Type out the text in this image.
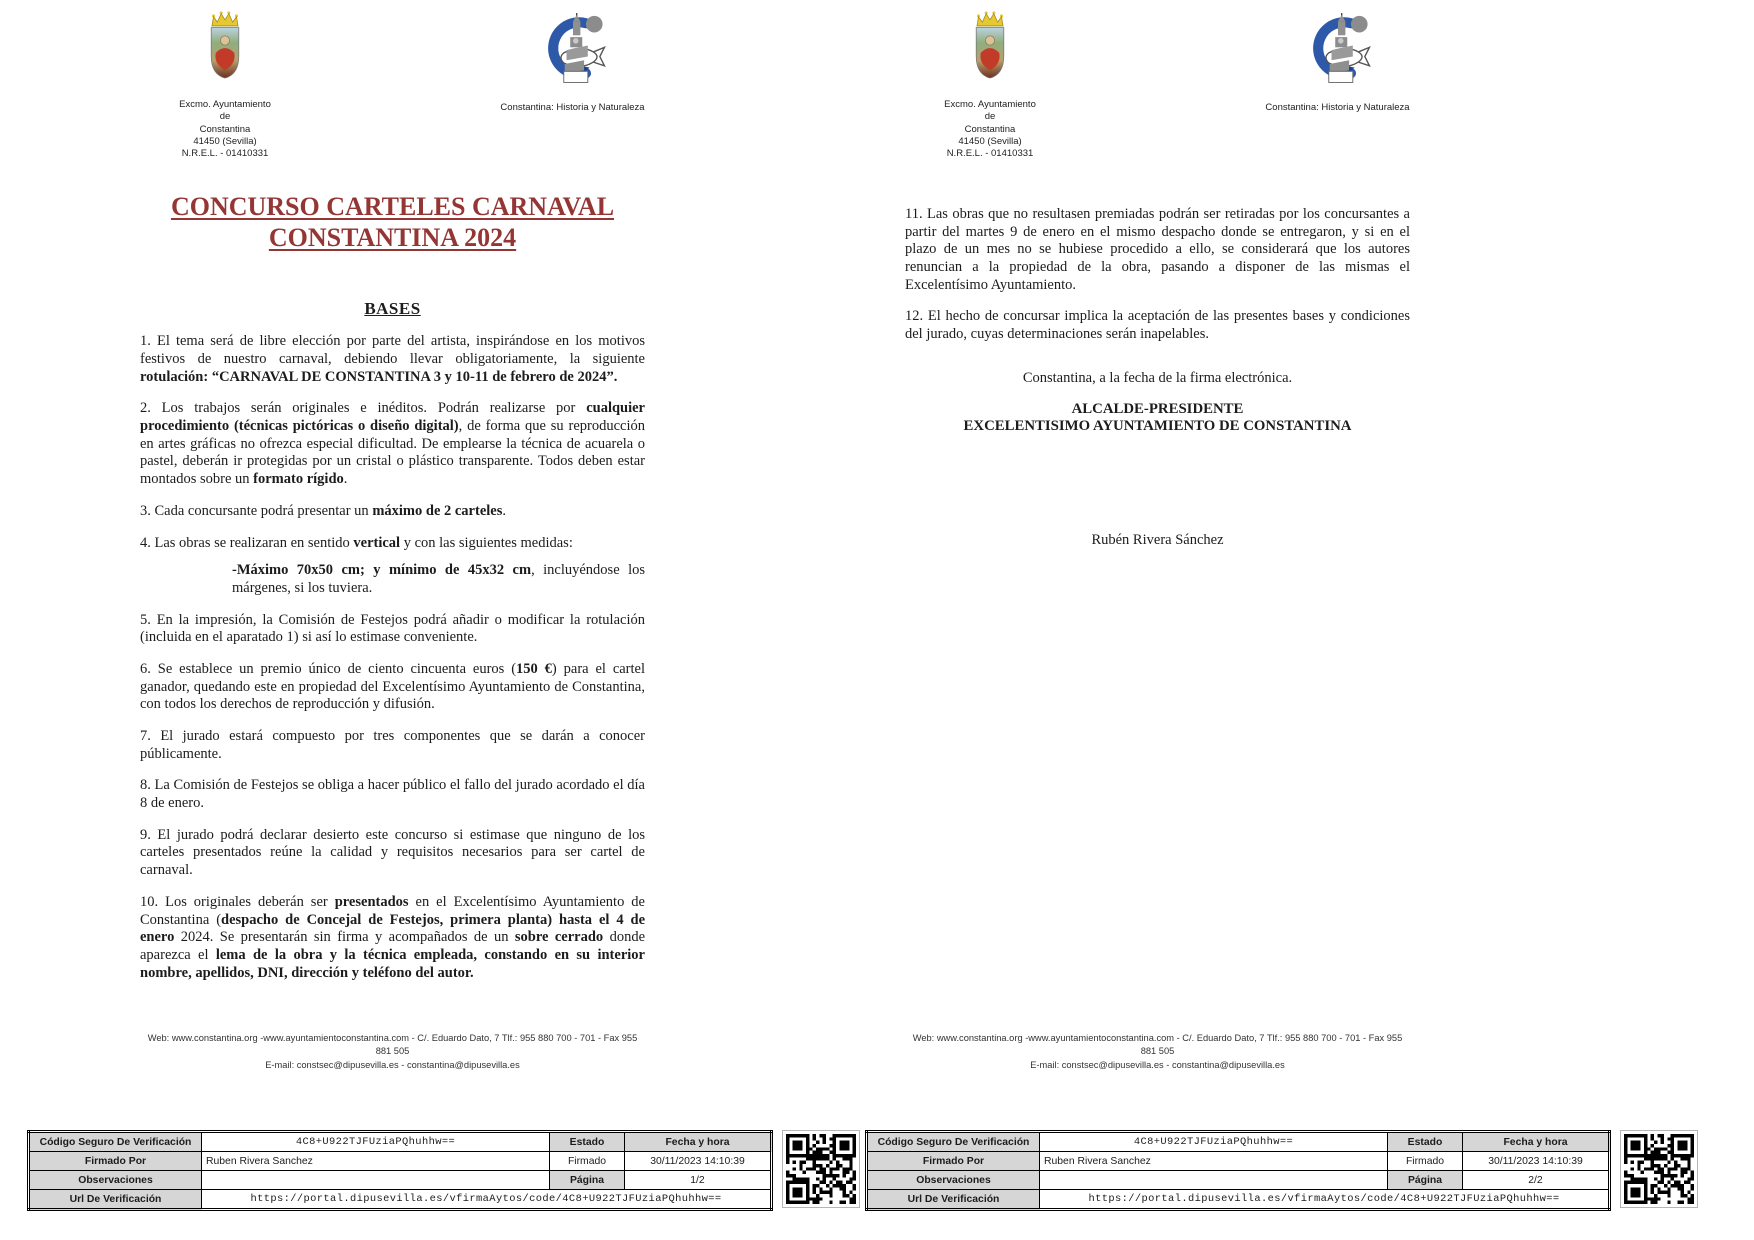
Excmo. Ayuntamiento
de
Constantina
41450 (Sevilla)
N.R.E.L. - 01410331
Constantina: Historia y Naturaleza
CONCURSO CARTELES CARNAVAL
CONSTANTINA 2024
BASES

1. El tema será de libre elección por parte del artista, inspirándose en los motivos festivos de nuestro carnaval, debiendo llevar obligatoriamente, la siguiente rotulación: “CARNAVAL DE CONSTANTINA 3 y 10-11 de febrero de 2024”.

2. Los trabajos serán originales e inéditos. Podrán realizarse por cualquier procedimiento (técnicas pictóricas o diseño digital), de forma que su reproducción en artes gráficas no ofrezca especial dificultad. De emplearse la técnica de acuarela o pastel, deberán ir protegidas por un cristal o plástico transparente. Todos deben estar montados sobre un formato rígido.

3. Cada concursante podrá presentar un máximo de 2 carteles.

4. Las obras se realizaran en sentido vertical y con las siguientes medidas:

-Máximo 70x50 cm; y mínimo de 45x32 cm, incluyéndose los márgenes, si los tuviera.

5. En la impresión, la Comisión de Festejos podrá añadir o modificar la rotulación (incluida en el aparatado 1) si así lo estimase conveniente.

6. Se establece un premio único de ciento cincuenta euros (150 €) para el cartel ganador, quedando este en propiedad del Excelentísimo Ayuntamiento de Constantina, con todos los derechos de reproducción y difusión.

7. El jurado estará compuesto por tres componentes que se darán a conocer públicamente.

8. La Comisión de Festejos se obliga a hacer público el fallo del jurado acordado el día 8 de enero.

9. El jurado podrá declarar desierto este concurso si estimase que ninguno de los carteles presentados reúne la calidad y requisitos necesarios para ser cartel de carnaval.

10. Los originales deberán ser presentados en el Excelentísimo Ayuntamiento de Constantina (despacho de Concejal de Festejos, primera planta) hasta el 4 de enero 2024. Se presentarán sin firma y acompañados de un sobre cerrado donde aparezca el lema de la obra y la técnica empleada, constando en su interior nombre, apellidos, DNI, dirección y teléfono del autor.

Web: www.constantina.org -www.ayuntamientoconstantina.com - C/. Eduardo Dato, 7 Tlf.: 955 880 700 - 701 - Fax 955 881 505
E-mail: constsec@dipusevilla.es - constantina@dipusevilla.es
Excmo. Ayuntamiento
de
Constantina
41450 (Sevilla)
N.R.E.L. - 01410331
Constantina: Historia y Naturaleza

11. Las obras que no resultasen premiadas podrán ser retiradas por los concursantes a partir del martes 9 de enero en el mismo despacho donde se entregaron, y si en el plazo de un mes no se hubiese procedido a ello, se considerará que los autores renuncian a la propiedad de la obra, pasando a disponer de las mismas el Excelentísimo Ayuntamiento.

12. El hecho de concursar implica la aceptación de las presentes bases y condiciones del jurado, cuyas determinaciones serán inapelables.

Constantina, a la fecha de la firma electrónica.
ALCALDE-PRESIDENTE
EXCELENTISIMO AYUNTAMIENTO DE CONSTANTINA
Rubén Rivera Sánchez
Web: www.constantina.org -www.ayuntamientoconstantina.com - C/. Eduardo Dato, 7 Tlf.: 955 880 700 - 701 - Fax 955 881 505
E-mail: constsec@dipusevilla.es - constantina@dipusevilla.es
Código Seguro De Verificación	4C8+U922TJFUziaPQhuhhw==	Estado	Fecha y hora
Firmado Por	Ruben Rivera Sanchez	Firmado	30/11/2023 14:10:39
Observaciones		Página	1/2
Url De Verificación	https://portal.dipusevilla.es/vfirmaAytos/code/4C8+U922TJFUziaPQhuhhw==		
Código Seguro De Verificación	4C8+U922TJFUziaPQhuhhw==	Estado	Fecha y hora
Firmado Por	Ruben Rivera Sanchez	Firmado	30/11/2023 14:10:39
Observaciones		Página	2/2
Url De Verificación	https://portal.dipusevilla.es/vfirmaAytos/code/4C8+U922TJFUziaPQhuhhw==		
